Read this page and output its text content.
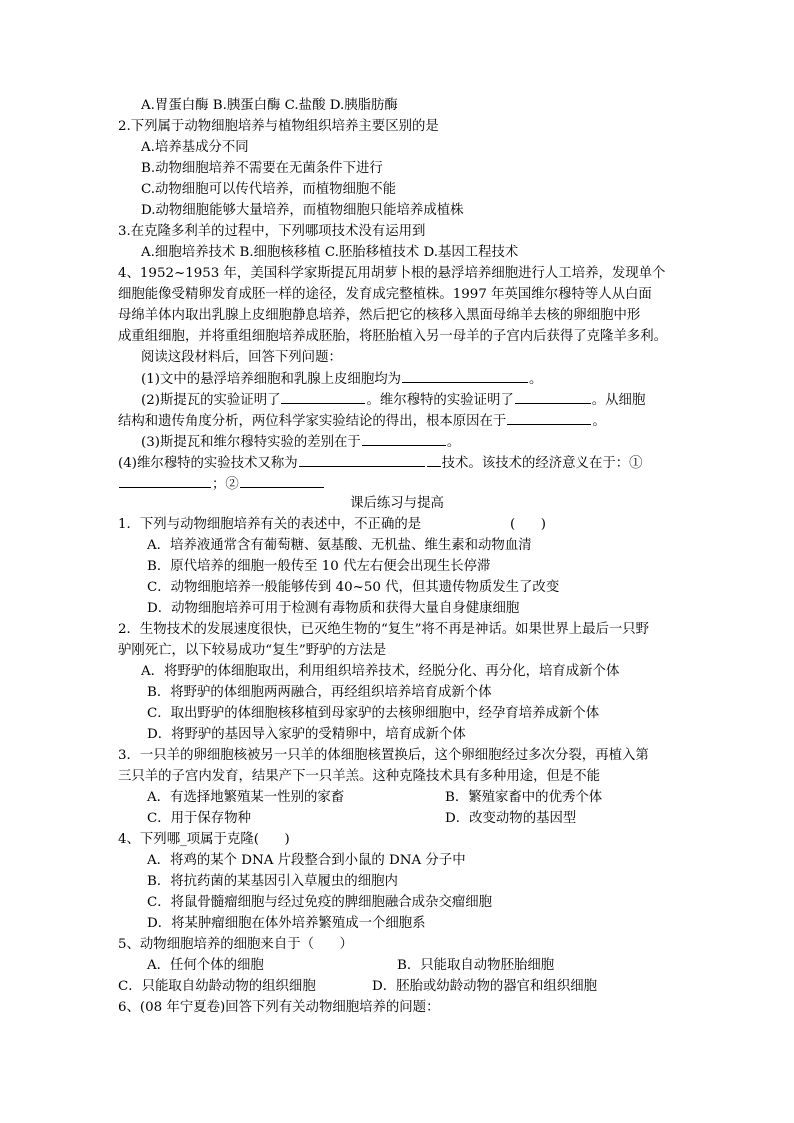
A.胃蛋白酶 B.胰蛋白酶 C.盐酸 D.胰脂肪酶
2.下列属于动物细胞培养与植物组织培养主要区别的是
A.培养基成分不同
B.动物细胞培养不需要在无菌条件下进行
C.动物细胞可以传代培养，而植物细胞不能
D.动物细胞能够大量培养，而植物细胞只能培养成植株
3.在克隆多利羊的过程中，下列哪项技术没有运用到
A.细胞培养技术 B.细胞核移植 C.胚胎移植技术 D.基因工程技术
4、1952~1953 年，美国科学家斯提瓦用胡萝卜根的悬浮培养细胞进行人工培养，发现单个
细胞能像受精卵发育成胚一样的途径，发育成完整植株。1997 年英国维尔穆特等人从白面
母绵羊体内取出乳腺上皮细胞静息培养，然后把它的核移入黑面母绵羊去核的卵细胞中形
成重组细胞，并将重组细胞培养成胚胎，将胚胎植入另一母羊的子宫内后获得了克隆羊多利。
阅读这段材料后，回答下列问题：
(1)文中的悬浮培养细胞和乳腺上皮细胞均为	。
(2)斯提瓦的实验证明了	。维尔穆特的实验证明了	。从细胞
结构和遗传角度分析，两位科学家实验结论的得出，根本原因在于	。
(3)斯提瓦和维尔穆特实验的差别在于	。
(4)维尔穆特的实验技术又称为	技术。该技术的经济意义在于：①
；②
课后练习与提高
1．下列与动物细胞培养有关的表述中，不正确的是	(      )
A．培养液通常含有葡萄糖、氨基酸、无机盐、维生素和动物血清
B．原代培养的细胞一般传至 10 代左右便会出现生长停滞
C．动物细胞培养一般能够传到 40~50 代，但其遗传物质发生了改变
D．动物细胞培养可用于检测有毒物质和获得大量自身健康细胞
2．生物技术的发展速度很快，已灭绝生物的“复生”将不再是神话。如果世界上最后一只野
驴刚死亡，以下较易成功“复生”野驴的方法是
A．将野驴的体细胞取出，利用组织培养技术，经脱分化、再分化，培育成新个体
B．将野驴的体细胞两两融合，再经组织培养培育成新个体
C．取出野驴的体细胞核移植到母家驴的去核卵细胞中，经孕育培养成新个体
D．将野驴的基因导入家驴的受精卵中，培育成新个体
3．一只羊的卵细胞核被另一只羊的体细胞核置换后，这个卵细胞经过多次分裂，再植入第
三只羊的子宫内发育，结果产下一只羊羔。这种克隆技术具有多种用途，但是不能
A．有选择地繁殖某一性别的家畜	B．繁殖家畜中的优秀个体
C．用于保存物种	D．改变动物的基因型
4、下列哪_项属于克隆(      )
A．将鸡的某个 DNA 片段整合到小鼠的 DNA 分子中
B．将抗药菌的某基因引入草履虫的细胞内
C．将鼠骨髓瘤细胞与经过免疫的脾细胞融合成杂交瘤细胞
D．将某肿瘤细胞在体外培养繁殖成一个细胞系
5、动物细胞培养的细胞来自于（      ）
A．任何个体的细胞	B．只能取自动物胚胎细胞
C．只能取自幼龄动物的组织细胞	D．胚胎或幼龄动物的器官和组织细胞
6、(08 年宁夏卷)回答下列有关动物细胞培养的问题：
